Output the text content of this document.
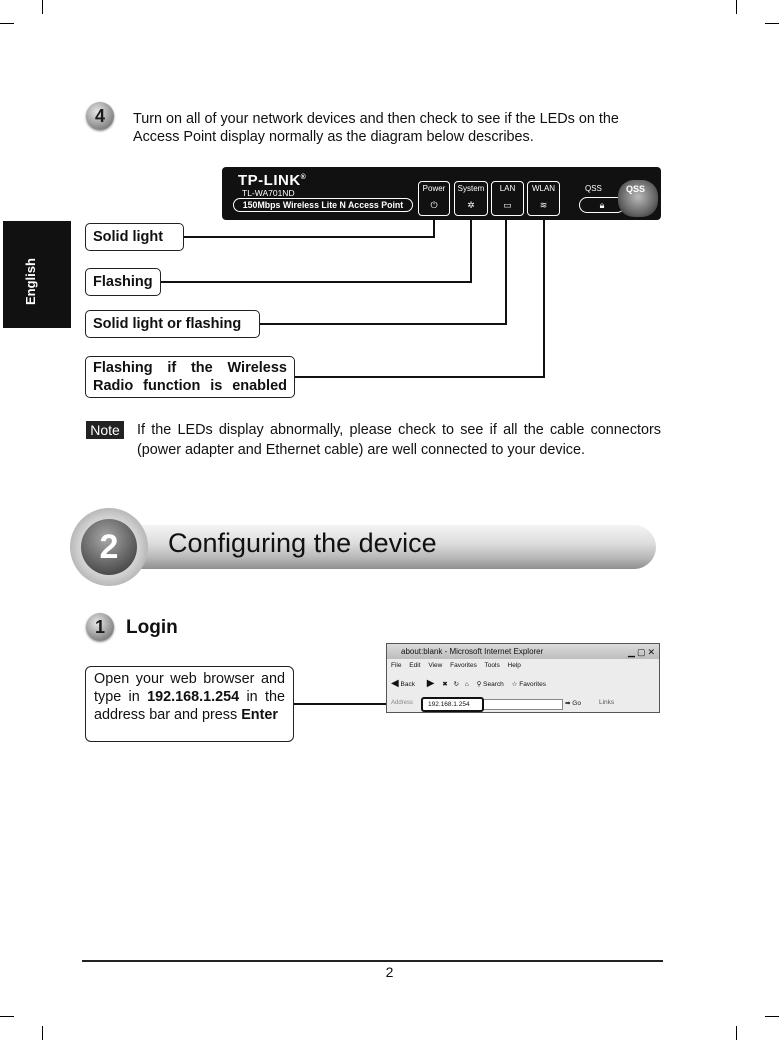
English
4	Turn on all of your network devices and then check to see if the LEDs on the Access Point display normally as the diagram below describes.
TP-LINK®
TL-WA701ND
150Mbps Wireless Lite N Access Point
Power
⏻
System
✲
LAN
▭
WLAN
≋
QSS
🔒︎
QSS
Solid light
Flashing
Solid light or flashing
Flashing if the Wireless Radio function is enabled
Note If the LEDs display abnormally, please check to see if all the cable connectors (power adapter and Ethernet cable) are well connected to your device.
2	Configuring the device
1	Login
Open your web browser and type in 192.168.1.254 in the address bar and press Enter
about:blank - Microsoft Internet Explorer	▁▢✕
File Edit View Favorites Tools Help
◀ Back ▶ ✖ ↻ ⌂ ⚲ Search ☆ Favorites
Address	➡ Go	Links
192.168.1.254
2
